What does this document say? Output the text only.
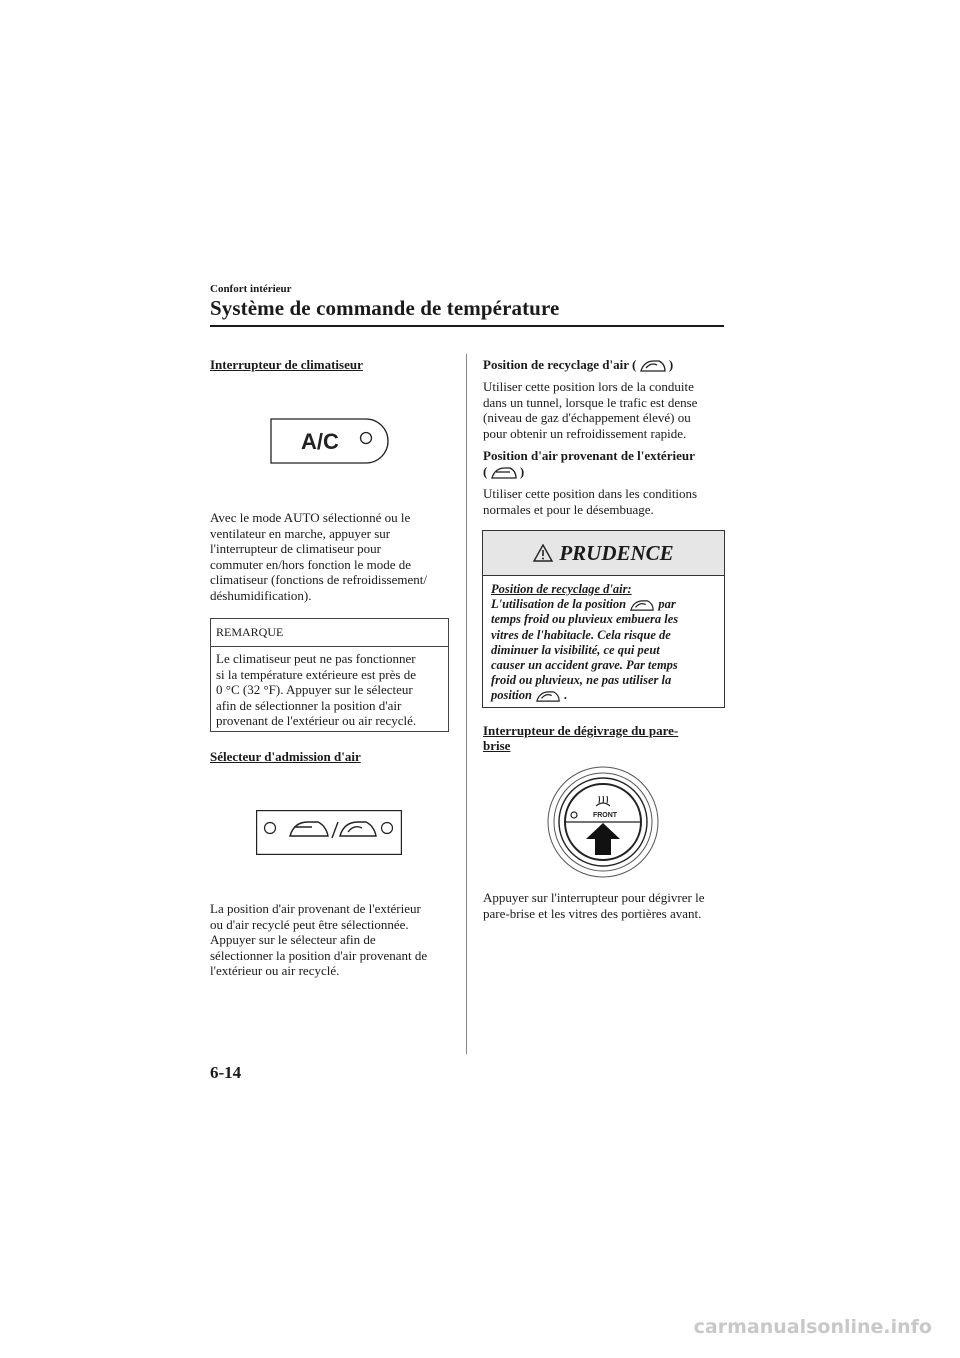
Confort intérieur
Système de commande de température
Interrupteur de climatiseur
A/C
Avec le mode AUTO sélectionné ou le
ventilateur en marche, appuyer sur
l'interrupteur de climatiseur pour
commuter en/hors fonction le mode de
climatiseur (fonctions de refroidissement/
déshumidification).
REMARQUE
Le climatiseur peut ne pas fonctionner
si la température extérieure est près de
0 °C (32 °F). Appuyer sur le sélecteur
afin de sélectionner la position d'air
provenant de l'extérieur ou air recyclé.
Sélecteur d'admission d'air
La position d'air provenant de l'extérieur
ou d'air recyclé peut être sélectionnée.
Appuyer sur le sélecteur afin de
sélectionner la position d'air provenant de
l'extérieur ou air recyclé.
Position de recyclage d'air (	)
Utiliser cette position lors de la conduite
dans un tunnel, lorsque le trafic est dense
(niveau de gaz d'échappement élevé) ou
pour obtenir un refroidissement rapide.
Position d'air provenant de l'extérieur
(	)
Utiliser cette position dans les conditions
normales et pour le désembuage.
PRUDENCE
Position de recyclage d'air:
L'utilisation de la position	par
temps froid ou pluvieux embuera les
vitres de l'habitacle. Cela risque de
diminuer la visibilité, ce qui peut
causer un accident grave. Par temps
froid ou pluvieux, ne pas utiliser la
position	.
Interrupteur de dégivrage du pare-
brise
FRONT
Appuyer sur l'interrupteur pour dégivrer le
pare-brise et les vitres des portières avant.
6-14
carmanualsonline.info
